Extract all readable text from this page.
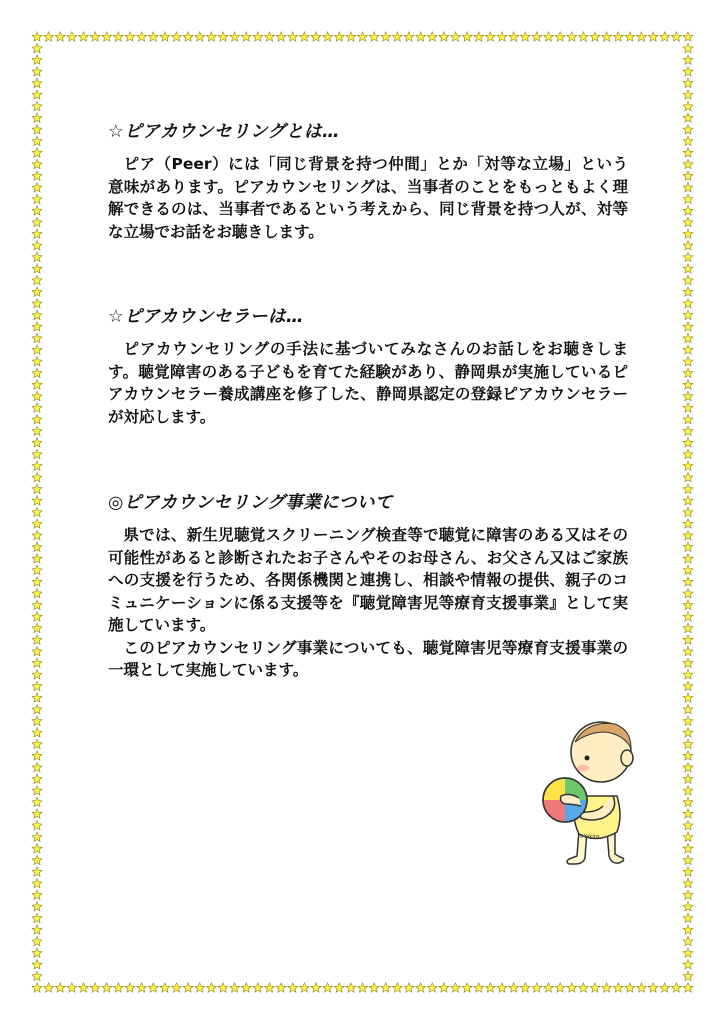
☆ピアカウンセリングとは…

ピア（Peer）には「同じ背景を持つ仲間」とか「対等な立場」という意味があります。ピアカウンセリングは、当事者のことをもっともよく理解できるのは、当事者であるという考えから、同じ背景を持つ人が、対等な立場でお話をお聴きします。

☆ピアカウンセラーは…

ピアカウンセリングの手法に基づいてみなさんのお話しをお聴きします。聴覚障害のある子どもを育てた経験があり、静岡県が実施しているピアカウンセラー養成講座を修了した、静岡県認定の登録ピアカウンセラーが対応します。

◎ピアカウンセリング事業について

県では、新生児聴覚スクリーニング検査等で聴覚に障害のある又はその可能性があると診断されたお子さんやそのお母さん、お父さん又はご家族への支援を行うため、各関係機関と連携し、相談や情報の提供、親子のコミュニケーションに係る支援等を『聴覚障害児等療育支援事業』として実施しています。

このピアカウンセリング事業についても、聴覚障害児等療育支援事業の一環として実施しています。

©Yakins
